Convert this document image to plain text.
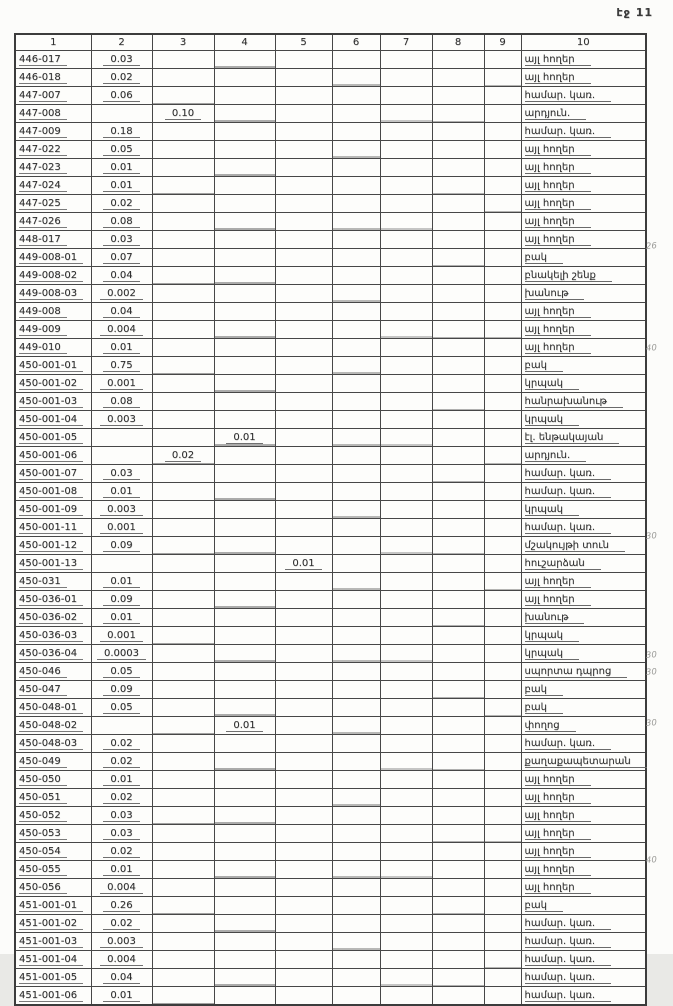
էջ 11
1	2	3	4	5	6	7	8	9	10
446-017	0.03								այլ հողեր
446-018	0.02								այլ հողեր
447-007	0.06								համար. կառ.
447-008		0.10							արդյուն.
447-009	0.18								համար. կառ.
447-022	0.05								այլ հողեր
447-023	0.01								այլ հողեր
447-024	0.01								այլ հողեր
447-025	0.02								այլ հողեր
447-026	0.08								այլ հողեր
448-017	0.03								այլ հողեր
449-008-01	0.07								բակ
449-008-02	0.04								բնակելի շենք
449-008-03	0.002								խանութ
449-008	0.04								այլ հողեր
449-009	0.004								այլ հողեր
449-010	0.01								այլ հողեր
450-001-01	0.75								բակ
450-001-02	0.001								կրպակ
450-001-03	0.08								հանրախանութ
450-001-04	0.003								կրպակ
450-001-05			0.01						էլ. ենթակայան
450-001-06		0.02							արդյուն.
450-001-07	0.03								համար. կառ.
450-001-08	0.01								համար. կառ.
450-001-09	0.003								կրպակ
450-001-11	0.001								համար. կառ.
450-001-12	0.09								մշակույթի տուն
450-001-13				0.01					հուշարձան
450-031	0.01								այլ հողեր
450-036-01	0.09								այլ հողեր
450-036-02	0.01								խանութ
450-036-03	0.001								կրպակ
450-036-04	0.0003								կրպակ
450-046	0.05								սպորտա դպրոց
450-047	0.09								բակ
450-048-01	0.05								բակ
450-048-02			0.01						փողոց
450-048-03	0.02								համար. կառ.
450-049	0.02								քաղաքապետարան
450-050	0.01								այլ հողեր
450-051	0.02								այլ հողեր
450-052	0.03								այլ հողեր
450-053	0.03								այլ հողեր
450-054	0.02								այլ հողեր
450-055	0.01								այլ հողեր
450-056	0.004								այլ հողեր
451-001-01	0.26								բակ
451-001-02	0.02								համար. կառ.
451-001-03	0.003								համար. կառ.
451-001-04	0.004								համար. կառ.
451-001-05	0.04								համար. կառ.
451-001-06	0.01								համար. կառ.
26
40
30
30
30
30
40
